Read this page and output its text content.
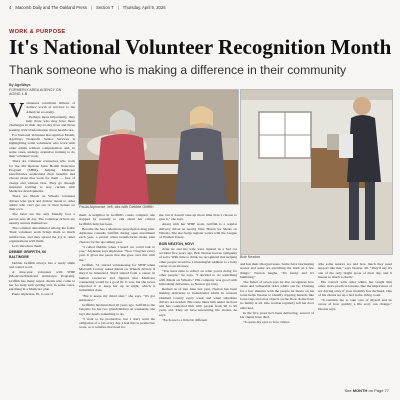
4 Macomb Daily and The Oakland Press | Section T | Thursday, April 9, 2026
WORK & PURPOSE
It's National Volunteer Recognition Month
Thank someone who is making a difference in their community
By AgeWays
FORMERLY AREA AGENCY ON
AGING 1-B

Volunteers contribute billions of dollars' worth of services to the American economy.

Perhaps more importantly, they help those who may have more challenges in their day-to-day lives and those seeking critical information about health care.

For National Volunteer Recognition Month, AgeWays Nonprofit Senior Services is highlighting some volunteers who work with older adults without compensation and, in some cases, undergo extensive training to do their volunteer work.

There are volunteer counselors who work for the MI Options State Health Insurance Program (SHIP), helping Medicare beneficiaries understand their benefits and choose plans that work for them — free of charge and without bias. They go through intensive training to stay current with Medicare developments.

There are Meals on Wheels volunteer drivers who pack and deliver meals to older adults who can't get out of their homes on their own.

The latter are the only friendly face a person sees all day. The volunteer drivers are usually seniors themselves.

The common denominator among the folks: Their volunteer work brings them so much satisfaction, and they spread the joy to other organizations with them.

Let's introduce them:

DEBBIE GRIFFITH, 66

BALTIMORE

Debbie Griffith always has a ready smile and a kind word.

A nine-year volunteer with SHIP (Medicare/Medicaid Assistance Program), Griffith has many repeat clients who come to her for help with getting and, in some cases, enrolling in a Medicare plan.

Paula Alphonse, 81, is one of

Paula Alphonse, left, sits with Debbie Griffith

them. A neighbor in Griffith's condo complex, she stopped by recently to talk about her critical Griffith's help has been.

Become the has a Medicare prescription drug plan. Alphonse consults Griffith during open enrollment each year, a period when beneficiaries make plan choices for the upcoming year.

"I called Debbie when I heard we could talk to you," Alphonse says Alphonse. "Now I hug her every year. It gives me peace that she goes over this with me."

Griffith, 74, started volunteering for SHIP when Macomb County asked Meals on Wheels drivers if they'd be interested. She'd retired from a career in human resources and figured that Medicare counseling would be a good fit. It was, but she never expected it to keep her up at night, which it sometimes does.

"But it keeps my mind alert," she says. "It's got substance."

Griffith's husband died 16 years ago. Griffith is the babysits for her two grandchildren on weekends, she says she needs something to do.

"I want to be productive, but I don't want the obligation of a job every day. I feel this is productive work, so it satisfies that need for

me, but it doesn't take up more time than I choose to give it," she says.

Along with her SHIP work, Griffith is a regular delivery driver in nearby New Haven for Meals on Wheels. She also helps register voters with the League of Women Voters.

BOB NEATON, NOVI

After he and his wife were injured in a bad car accident five years ago, Bob Neaton had no sympathy of sorts. With time to think, he recognized that helping other people would be a meaningful addition to a busy career as an attorney.

"You have time to reflect on what you're doing for other people," he says. "I decided to do something with Meals on Wheels." His company was good with him taking deliveries, so Neaton got busy.

Retired as of late June last year, Neaton has been making deliveries to homebound adults in western Oakland County every week and when substitute drivers are needed. His route takes him under an hour and has connected him with people from 90 to 99 years old. They all have interesting life stories, he says.

"Each one is a little bit different

Bob Neaton

and has their idiosyncrasies. Some have fascinating stories and some are stretching the truth on a few things," Neaton laughs. "It's funny and it's humbling."

The father of seven says he also recognizes how alone and vulnerable older adults can be. Chatting for a few minutes with the people he meets on his route helps Neaton to identify tripping hazards like loose rugs and stray objects on the floor. Some have no family at all. One woman regularly left her door unlocked.

In the five years he's been delivering, several of his clients have died.

"It opens my eyes to how vulner-

able some seniors are and how much they need support like this," says Neaton, 49. "They'll say it's one of the only bright spots of their day, and it means so much to them."

His contact with older adults has taught him other, more practical lessons, like the importance of not having stray if your mobility has declined. One of his clients set up a bed in the living room.

"It reminds me to take care of myself and be aware of how quickly a life story can change," Neaton says.

See MONTH on Page 77
